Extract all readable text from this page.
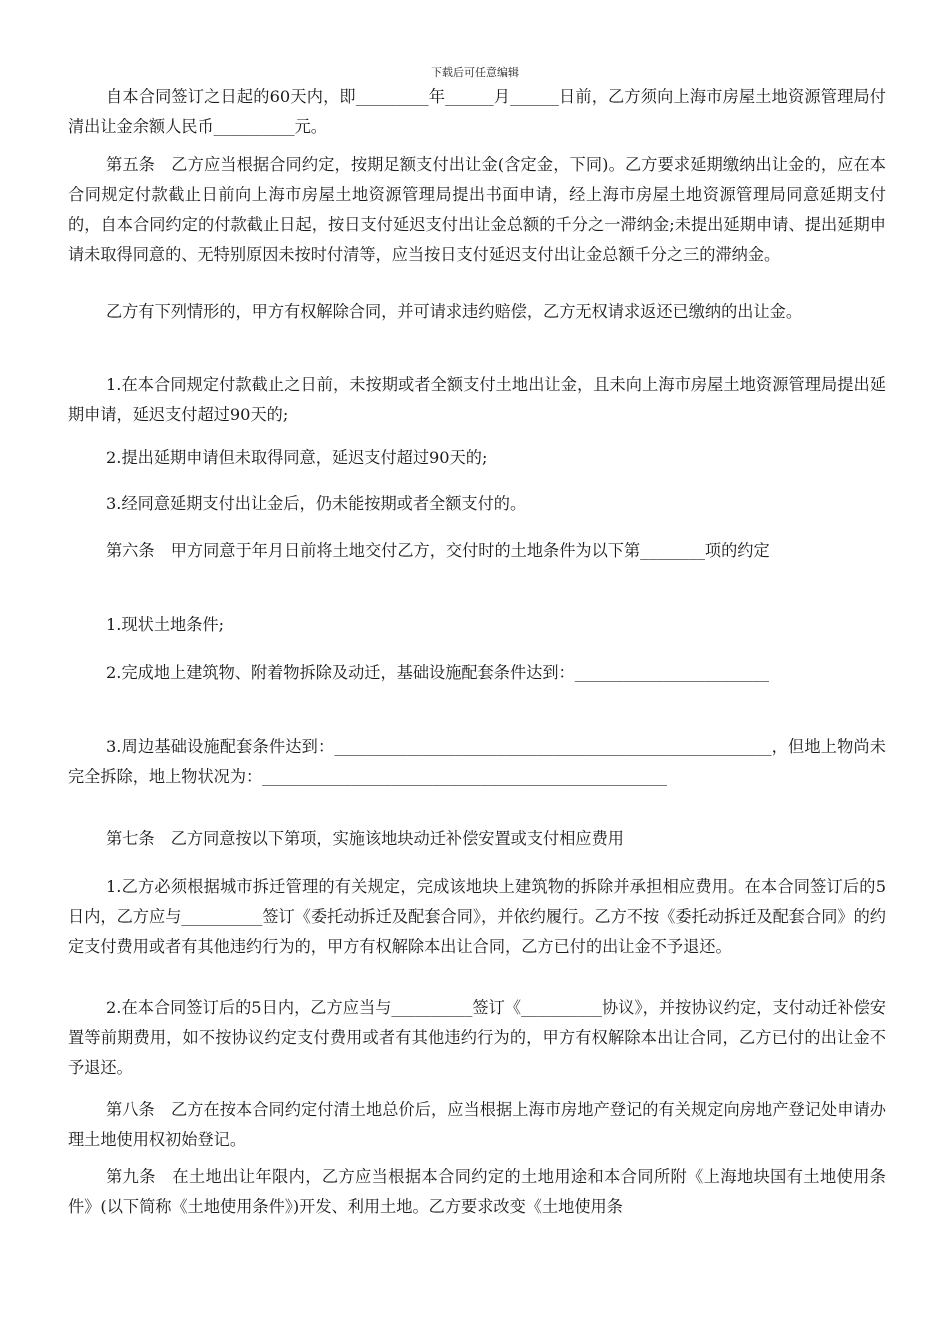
下载后可任意编辑

自本合同签订之日起的60天内，即_________年______月______日前，乙方须向上海市房屋土地资源管理局付清出让金余额人民币__________元。

第五条　乙方应当根据合同约定，按期足额支付出让金(含定金，下同)。乙方要求延期缴纳出让金的，应在本合同规定付款截止日前向上海市房屋土地资源管理局提出书面申请，经上海市房屋土地资源管理局同意延期支付的，自本合同约定的付款截止日起，按日支付延迟支付出让金总额的千分之一滞纳金;未提出延期申请、提出延期申请未取得同意的、无特别原因未按时付清等，应当按日支付延迟支付出让金总额千分之三的滞纳金。

乙方有下列情形的，甲方有权解除合同，并可请求违约赔偿，乙方无权请求返还已缴纳的出让金。

1.在本合同规定付款截止之日前，未按期或者全额支付土地出让金，且未向上海市房屋土地资源管理局提出延期申请，延迟支付超过90天的;

2.提出延期申请但未取得同意，延迟支付超过90天的;

3.经同意延期支付出让金后，仍未能按期或者全额支付的。

第六条　甲方同意于年月日前将土地交付乙方，交付时的土地条件为以下第________项的约定

1.现状土地条件;

2.完成地上建筑物、附着物拆除及动迁，基础设施配套条件达到：________________________

3.周边基础设施配套条件达到：______________________________________________________，但地上物尚未完全拆除，地上物状况为：__________________________________________________

第七条　乙方同意按以下第项，实施该地块动迁补偿安置或支付相应费用

1.乙方必须根据城市拆迁管理的有关规定，完成该地块上建筑物的拆除并承担相应费用。在本合同签订后的5日内，乙方应与__________签订《委托动拆迁及配套合同》，并依约履行。乙方不按《委托动拆迁及配套合同》的约定支付费用或者有其他违约行为的，甲方有权解除本出让合同，乙方已付的出让金不予退还。

2.在本合同签订后的5日内，乙方应当与__________签订《__________协议》，并按协议约定，支付动迁补偿安置等前期费用，如不按协议约定支付费用或者有其他违约行为的，甲方有权解除本出让合同，乙方已付的出让金不予退还。

第八条　乙方在按本合同约定付清土地总价后，应当根据上海市房地产登记的有关规定向房地产登记处申请办理土地使用权初始登记。

第九条　在土地出让年限内，乙方应当根据本合同约定的土地用途和本合同所附《上海地块国有土地使用条件》(以下简称《土地使用条件》)开发、利用土地。乙方要求改变《土地使用条
